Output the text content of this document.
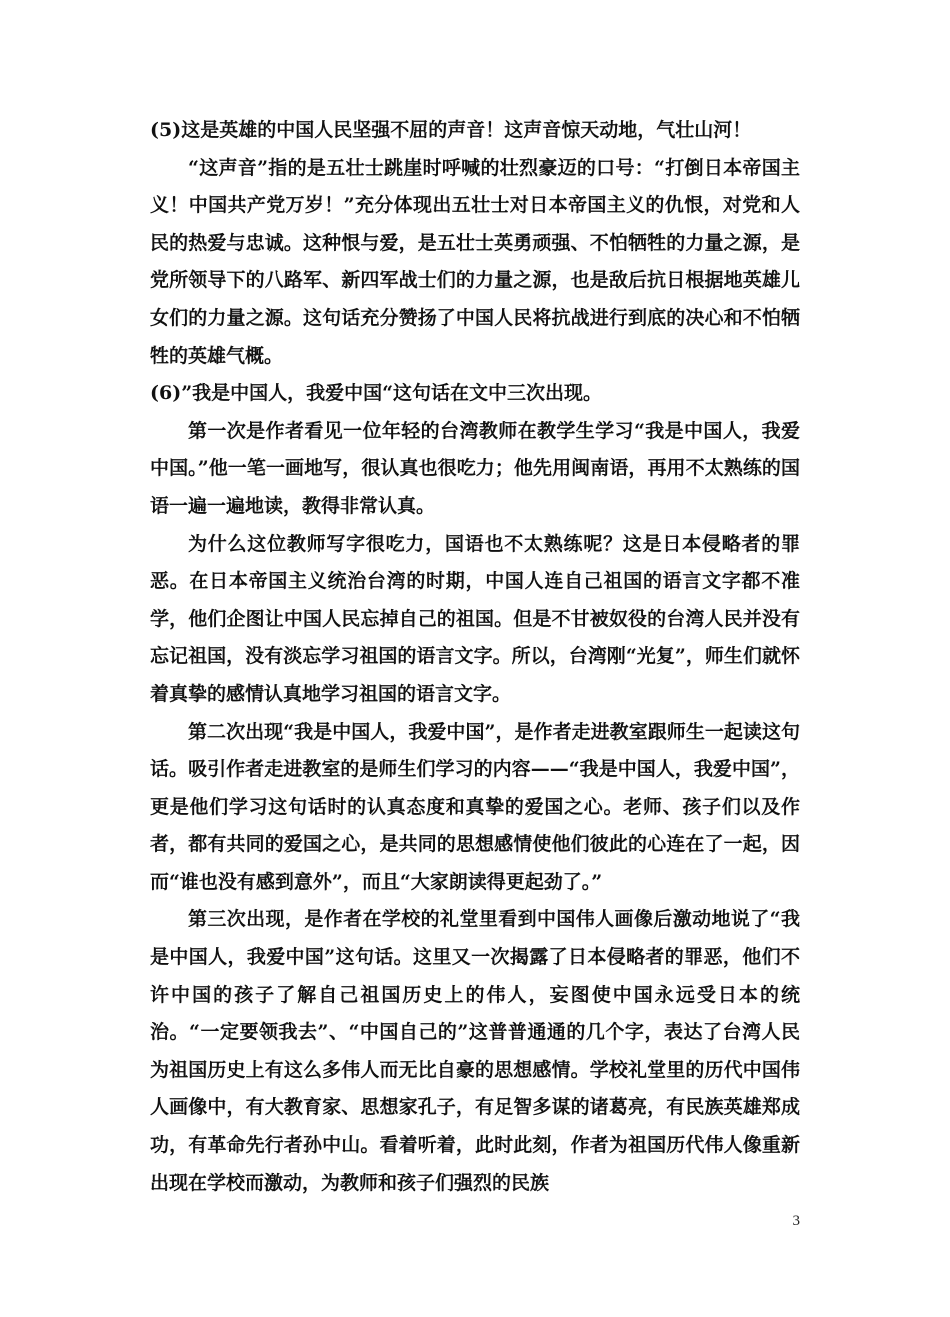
(5)这是英雄的中国人民坚强不屈的声音！这声音惊天动地，气壮山河！

“这声音”指的是五壮士跳崖时呼喊的壮烈豪迈的口号：“打倒日本帝国主义！中国共产党万岁！”充分体现出五壮士对日本帝国主义的仇恨，对党和人民的热爱与忠诚。这种恨与爱，是五壮士英勇顽强、不怕牺牲的力量之源，是党所领导下的八路军、新四军战士们的力量之源，也是敌后抗日根据地英雄儿女们的力量之源。这句话充分赞扬了中国人民将抗战进行到底的决心和不怕牺牲的英雄气概。

(6)”我是中国人，我爱中国“这句话在文中三次出现。

第一次是作者看见一位年轻的台湾教师在教学生学习“我是中国人，我爱中国。”他一笔一画地写，很认真也很吃力；他先用闽南语，再用不太熟练的国语一遍一遍地读，教得非常认真。

为什么这位教师写字很吃力，国语也不太熟练呢？这是日本侵略者的罪恶。在日本帝国主义统治台湾的时期，中国人连自己祖国的语言文字都不准学，他们企图让中国人民忘掉自己的祖国。但是不甘被奴役的台湾人民并没有忘记祖国，没有淡忘学习祖国的语言文字。所以，台湾刚“光复”，师生们就怀着真挚的感情认真地学习祖国的语言文字。

第二次出现“我是中国人，我爱中国”，是作者走进教室跟师生一起读这句话。吸引作者走进教室的是师生们学习的内容——“我是中国人，我爱中国”，更是他们学习这句话时的认真态度和真挚的爱国之心。老师、孩子们以及作者，都有共同的爱国之心，是共同的思想感情使他们彼此的心连在了一起，因而“谁也没有感到意外”，而且“大家朗读得更起劲了。”

第三次出现，是作者在学校的礼堂里看到中国伟人画像后激动地说了“我是中国人，我爱中国”这句话。这里又一次揭露了日本侵略者的罪恶，他们不许中国的孩子了解自己祖国历史上的伟人，妄图使中国永远受日本的统治。“一定要领我去”、“中国自己的”这普普通通的几个字，表达了台湾人民为祖国历史上有这么多伟人而无比自豪的思想感情。学校礼堂里的历代中国伟人画像中，有大教育家、思想家孔子，有足智多谋的诸葛亮，有民族英雄郑成功，有革命先行者孙中山。看着听着，此时此刻，作者为祖国历代伟人像重新出现在学校而激动，为教师和孩子们强烈的民族

3
